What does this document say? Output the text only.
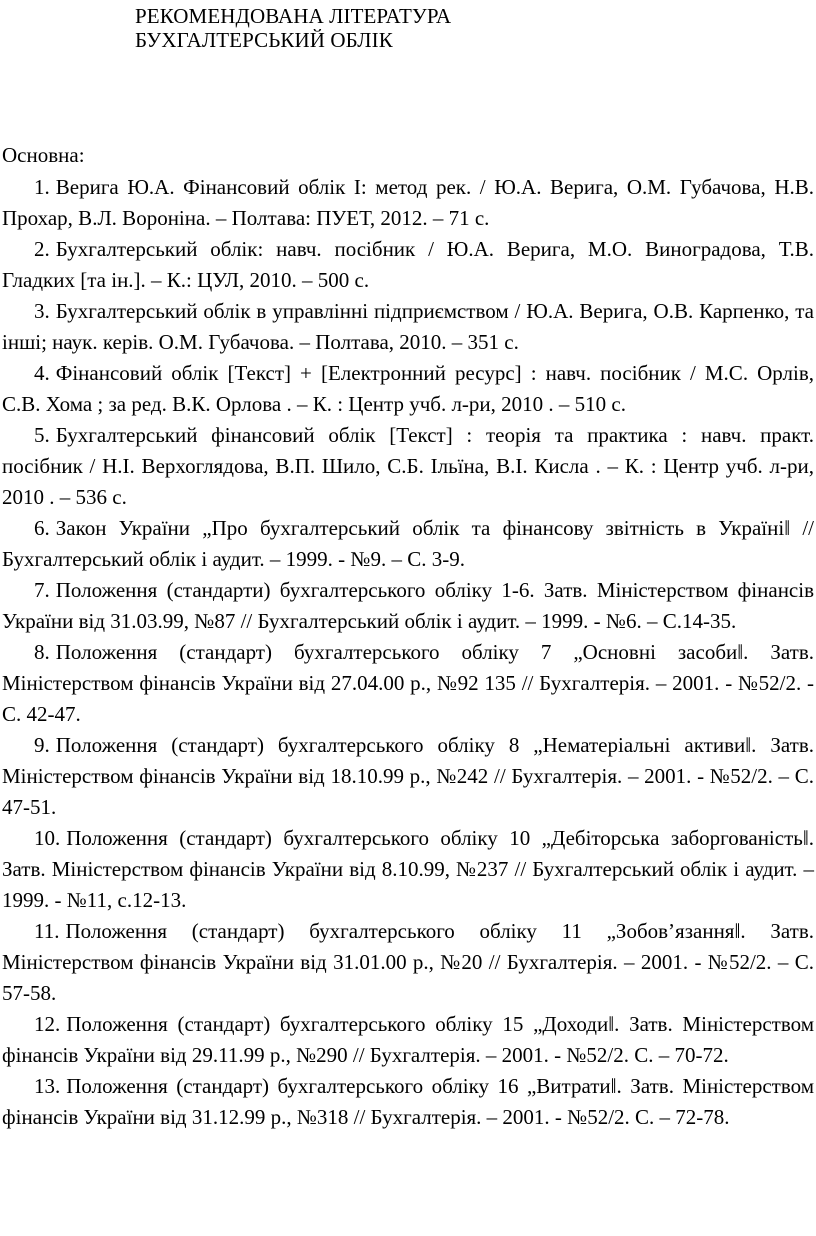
РЕКОМЕНДОВАНА ЛІТЕРАТУРА
БУХГАЛТЕРСЬКИЙ ОБЛІК
Основна:

1. Верига Ю.А. Фінансовий облік І: метод рек. / Ю.А. Верига, О.М. Губачова, Н.В. Прохар, В.Л. Вороніна. – Полтава: ПУЕТ, 2012. – 71 с.

2. Бухгалтерський облік: навч. посібник / Ю.А. Верига, М.О. Виноградова, Т.В. Гладких [та ін.]. – К.: ЦУЛ, 2010. – 500 с.

3. Бухгалтерський облік в управлінні підприємством / Ю.А. Верига, О.В. Карпенко, та інші; наук. керів. О.М. Губачова. – Полтава, 2010. – 351 с.

4. Фінансовий облік [Текст] + [Електронний ресурс] : навч. посібник / М.С. Орлів, С.В. Хома ; за ред. В.К. Орлова . – К. : Центр учб. л-ри, 2010 . – 510 с.

5. Бухгалтерський фінансовий облік [Текст] : теорія та практика : навч. практ. посібник / Н.І. Верхоглядова, В.П. Шило, С.Б. Ільїна, В.І. Кисла . – К. : Центр учб. л-ри, 2010 . – 536 с.

6. Закон України „Про бухгалтерський облік та фінансову звітність в Україні‖ // Бухгалтерський облік і аудит. – 1999. - №9. – С. 3-9.

7. Положення (стандарти) бухгалтерського обліку 1-6. Затв. Міністерством фінансів України від 31.03.99, №87 // Бухгалтерський облік і аудит. – 1999. - №6. – С.14-35.

8. Положення (стандарт) бухгалтерського обліку 7 „Основні засоби‖. Затв. Міністерством фінансів України від 27.04.00 р., №92 135 // Бухгалтерія. – 2001. - №52/2. - С. 42-47.

9. Положення (стандарт) бухгалтерського обліку 8 „Нематеріальні активи‖. Затв. Міністерством фінансів України від 18.10.99 р., №242 // Бухгалтерія. – 2001. - №52/2. – С. 47-51.

10. Положення (стандарт) бухгалтерського обліку 10 „Дебіторська заборгованість‖. Затв. Міністерством фінансів України від 8.10.99, №237 // Бухгалтерський облік і аудит. – 1999. - №11, с.12-13.

11. Положення (стандарт) бухгалтерського обліку 11 „Зобов’язання‖. Затв. Міністерством фінансів України від 31.01.00 р., №20 // Бухгалтерія. – 2001. - №52/2. – С. 57-58.

12. Положення (стандарт) бухгалтерського обліку 15 „Доходи‖. Затв. Міністерством фінансів України від 29.11.99 р., №290 // Бухгалтерія. – 2001. - №52/2. С. – 70-72.

13. Положення (стандарт) бухгалтерського обліку 16 „Витрати‖. Затв. Міністерством фінансів України від 31.12.99 р., №318 // Бухгалтерія. – 2001. - №52/2. С. – 72-78.
